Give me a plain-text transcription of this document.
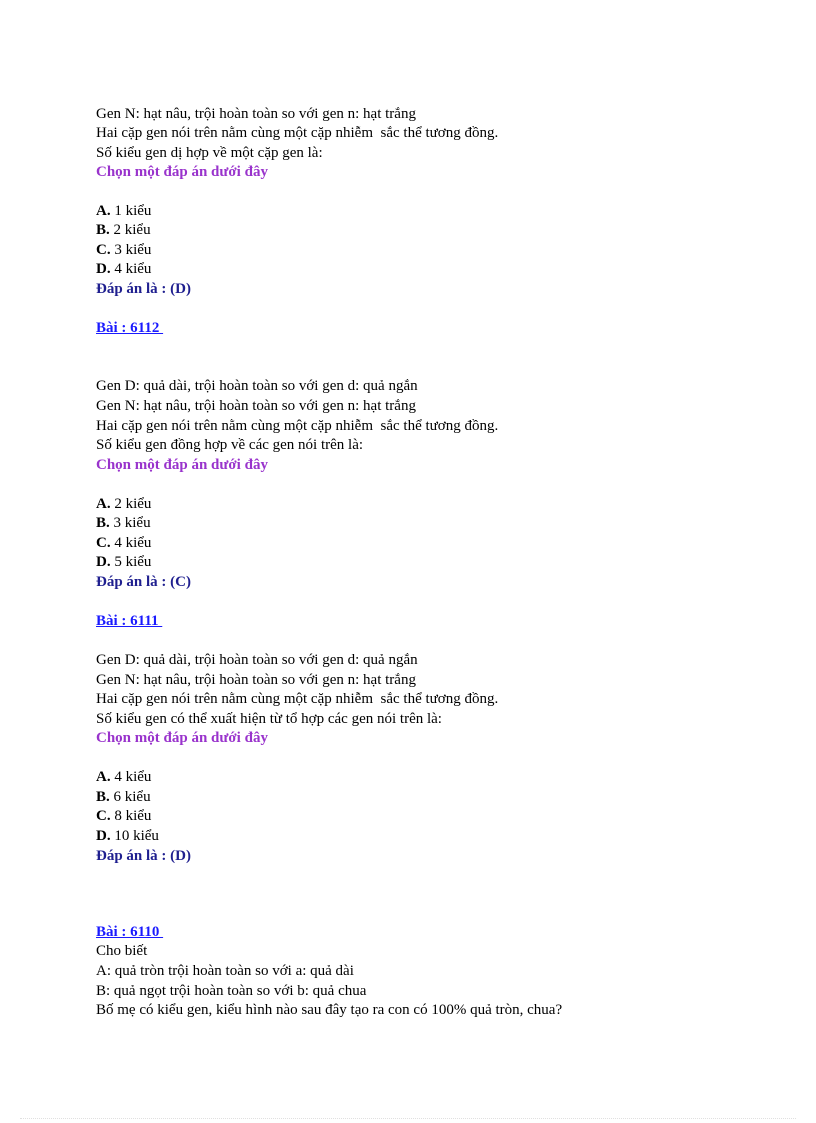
Gen N: hạt nâu, trội hoàn toàn so với gen n: hạt trắng
Hai cặp gen nói trên nằm cùng một cặp nhiễm  sắc thể tương đồng.
Số kiểu gen dị hợp về một cặp gen là:
Chọn một đáp án dưới đây
A. 1 kiểu
B. 2 kiểu
C. 3 kiểu
D. 4 kiểu
Đáp án là : (D)
Bài : 6112
Gen D: quả dài, trội hoàn toàn so với gen d: quả ngắn
Gen N: hạt nâu, trội hoàn toàn so với gen n: hạt trắng
Hai cặp gen nói trên nằm cùng một cặp nhiễm  sắc thể tương đồng.
Số kiểu gen đồng hợp về các gen nói trên là:
Chọn một đáp án dưới đây
A. 2 kiểu
B. 3 kiểu
C. 4 kiểu
D. 5 kiểu
Đáp án là : (C)
Bài : 6111
Gen D: quả dài, trội hoàn toàn so với gen d: quả ngắn
Gen N: hạt nâu, trội hoàn toàn so với gen n: hạt trắng
Hai cặp gen nói trên nằm cùng một cặp nhiễm  sắc thể tương đồng.
Số kiểu gen có thể xuất hiện từ tổ hợp các gen nói trên là:
Chọn một đáp án dưới đây
A. 4 kiểu
B. 6 kiểu
C. 8 kiểu
D. 10 kiểu
Đáp án là : (D)
Bài : 6110
Cho biết
A: quả tròn trội hoàn toàn so với a: quả dài
B: quả ngọt trội hoàn toàn so với b: quả chua
Bố mẹ có kiểu gen, kiểu hình nào sau đây tạo ra con có 100% quả tròn, chua?
